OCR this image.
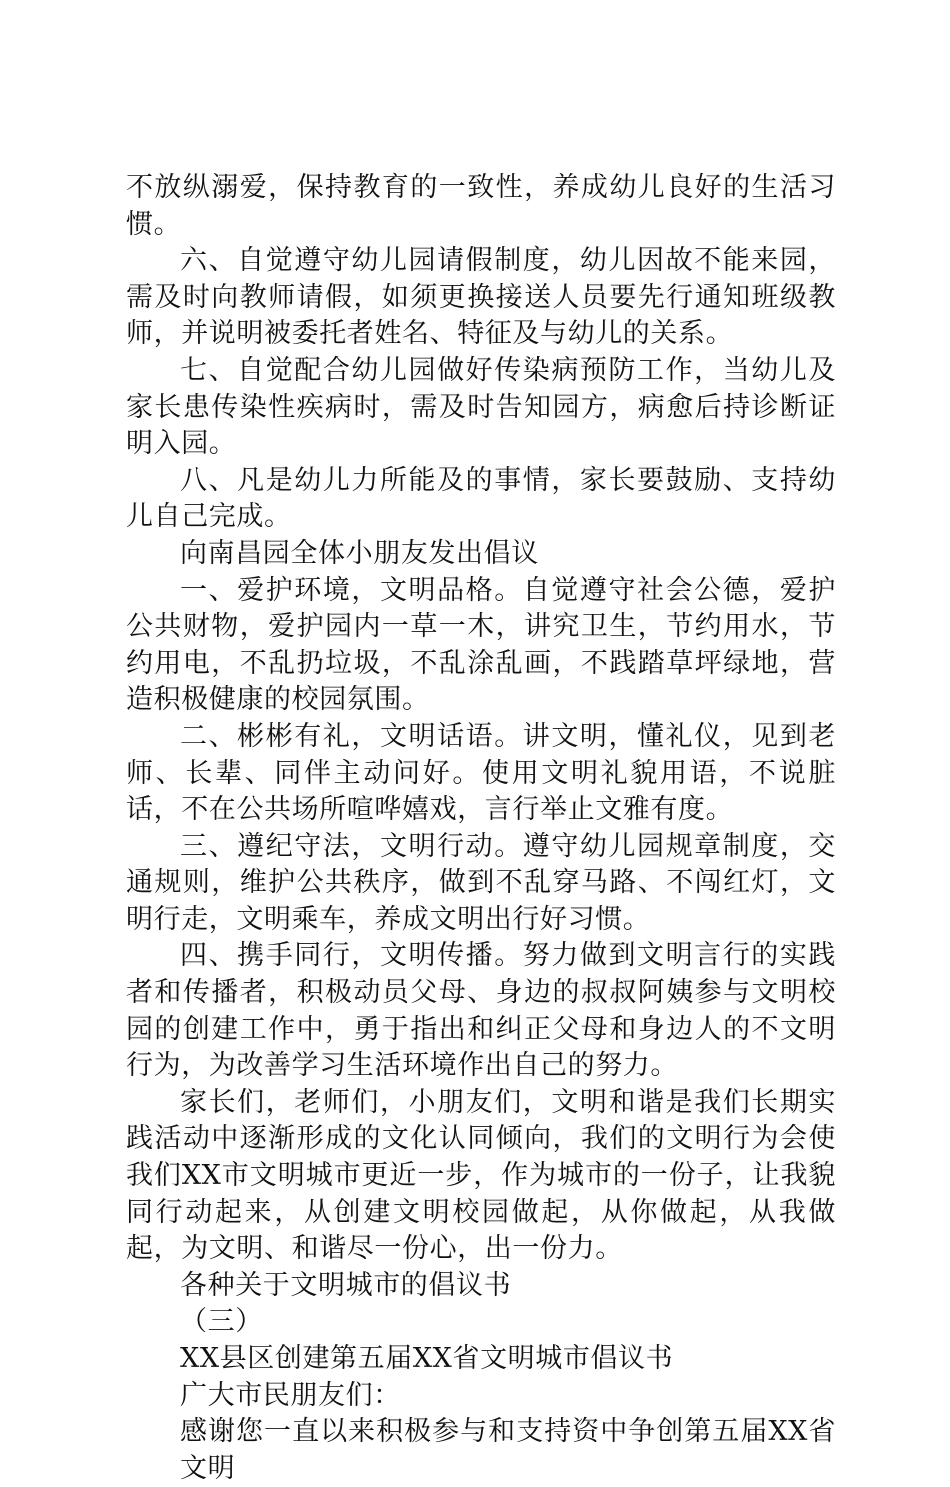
不放纵溺爱，保持教育的一致性，养成幼儿良好的生活习惯。

六、自觉遵守幼儿园请假制度，幼儿因故不能来园，需及时向教师请假，如须更换接送人员要先行通知班级教师，并说明被委托者姓名、特征及与幼儿的关系。

七、自觉配合幼儿园做好传染病预防工作，当幼儿及家长患传染性疾病时，需及时告知园方，病愈后持诊断证明入园。

八、凡是幼儿力所能及的事情，家长要鼓励、支持幼儿自己完成。

向南昌园全体小朋友发出倡议

一、爱护环境，文明品格。自觉遵守社会公德，爱护公共财物，爱护园内一草一木，讲究卫生，节约用水，节约用电，不乱扔垃圾，不乱涂乱画，不践踏草坪绿地，营造积极健康的校园氛围。

二、彬彬有礼，文明话语。讲文明，懂礼仪，见到老师、长辈、同伴主动问好。使用文明礼貌用语，不说脏话，不在公共场所喧哗嬉戏，言行举止文雅有度。

三、遵纪守法，文明行动。遵守幼儿园规章制度，交通规则，维护公共秩序，做到不乱穿马路、不闯红灯，文明行走，文明乘车，养成文明出行好习惯。

四、携手同行，文明传播。努力做到文明言行的实践者和传播者，积极动员父母、身边的叔叔阿姨参与文明校园的创建工作中，勇于指出和纠正父母和身边人的不文明行为，为改善学习生活环境作出自己的努力。

家长们，老师们，小朋友们，文明和谐是我们长期实践活动中逐渐形成的文化认同倾向，我们的文明行为会使我们XX市文明城市更近一步，作为城市的一份子，让我貌同行动起来，从创建文明校园做起，从你做起，从我做起，为文明、和谐尽一份心，出一份力。

各种关于文明城市的倡议书

（三）

XX县区创建第五届XX省文明城市倡议书

广大市民朋友们：

感谢您一直以来积极参与和支持资中争创第五届XX省文明
